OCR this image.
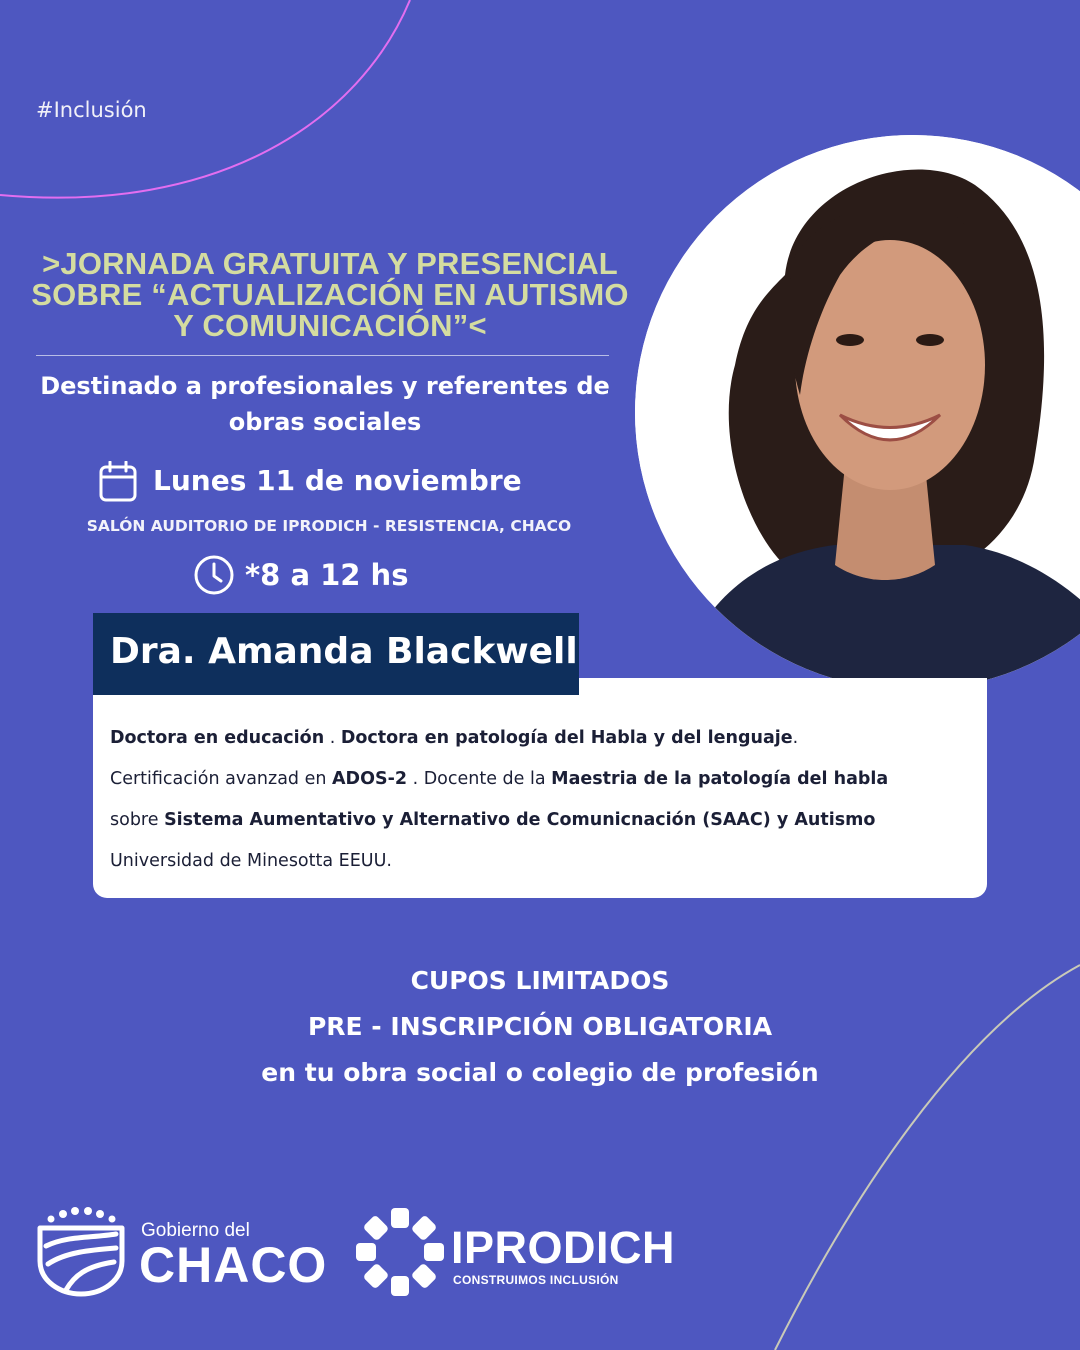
#Inclusión
>JORNADA GRATUITA Y PRESENCIAL
SOBRE “ACTUALIZACIÓN EN AUTISMO
Y COMUNICACIÓN”<
Destinado a profesionales y referentes de
obras sociales
Lunes 11 de noviembre
SALÓN AUDITORIO DE IPRODICH - RESISTENCIA, CHACO
*8 a 12 hs

Doctora en educación . Doctora en patología del Habla y del lenguaje.

Certificación avanzad en ADOS-2 . Docente de la Maestria de la patología del habla

sobre Sistema Aumentativo y Alternativo de Comunicnación (SAAC) y Autismo

Universidad de Minesotta EEUU.

Dra. Amanda Blackwell
CUPOS LIMITADOS
PRE - INSCRIPCIÓN OBLIGATORIA
en tu obra social o colegio de profesión
Gobierno del
CHACO	IPRODICH
CONSTRUIMOS INCLUSIÓN
